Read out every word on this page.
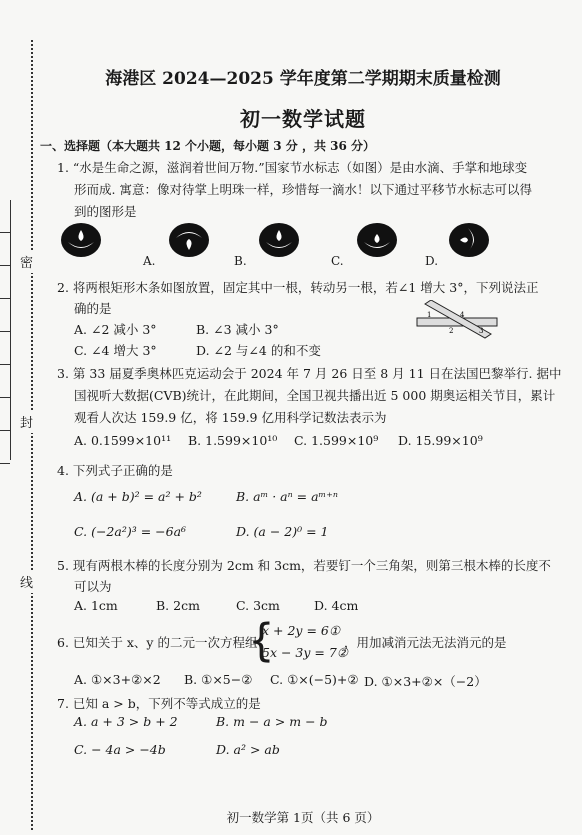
密
封
线
海港区 2024—2025 学年度第二学期期末质量检测
初一数学试题
一、选择题（本大题共 12 个小题，每小题 3 分 ，共 36 分）
1. “水是生命之源，滋润着世间万物.”国家节水标志（如图）是由水滴、手掌和地球变
形而成. 寓意：像对待掌上明珠一样，珍惜每一滴水！以下通过平移节水标志可以得
到的图形是
A.	B.	C.	D.
2. 将两根矩形木条如图放置，固定其中一根，转动另一根，若∠1 增大 3°，下列说法正
确的是
A. ∠2 减小 3°	B. ∠3 减小 3°
C. ∠4 增大 3°	D. ∠2 与∠4 的和不变
1	4
2	3
3. 第 33 届夏季奥林匹克运动会于 2024 年 7 月 26 日至 8 月 11 日在法国巴黎举行. 据中
国视听大数据(CVB)统计，在此期间，全国卫视共播出近 5 000 期奥运相关节目，累计
观看人次达 159.9 亿，将 159.9 亿用科学记数法表示为
A. 0.1599×10¹¹ B. 1.599×10¹⁰ C. 1.599×10⁹ D. 15.99×10⁹
4. 下列式子正确的是
A. (a + b)² = a² + b²	B. aᵐ · aⁿ = aᵐ⁺ⁿ
C. (−2a²)³ = −6a⁶	D. (a − 2)⁰ = 1
5. 现有两根木棒的长度分别为 2cm 和 3cm，若要钉一个三角架，则第三根木棒的长度不
可以为
A. 1cm	B. 2cm	C. 3cm	D. 4cm
6. 已知关于 x、y 的二元一次方程组
{
x + 2y = 6①
5x − 3y = 7②
，用加减消元法无法消元的是
A. ①×3+②×2 B. ①×5−② C. ①×(−5)+② D. ①×3+②×（−2）
7. 已知 a > b，下列不等式成立的是
A. a + 3 > b + 2	B. m − a > m − b
C. − 4a > −4b	D. a² > ab
初一数学第 1页（共 6 页）
